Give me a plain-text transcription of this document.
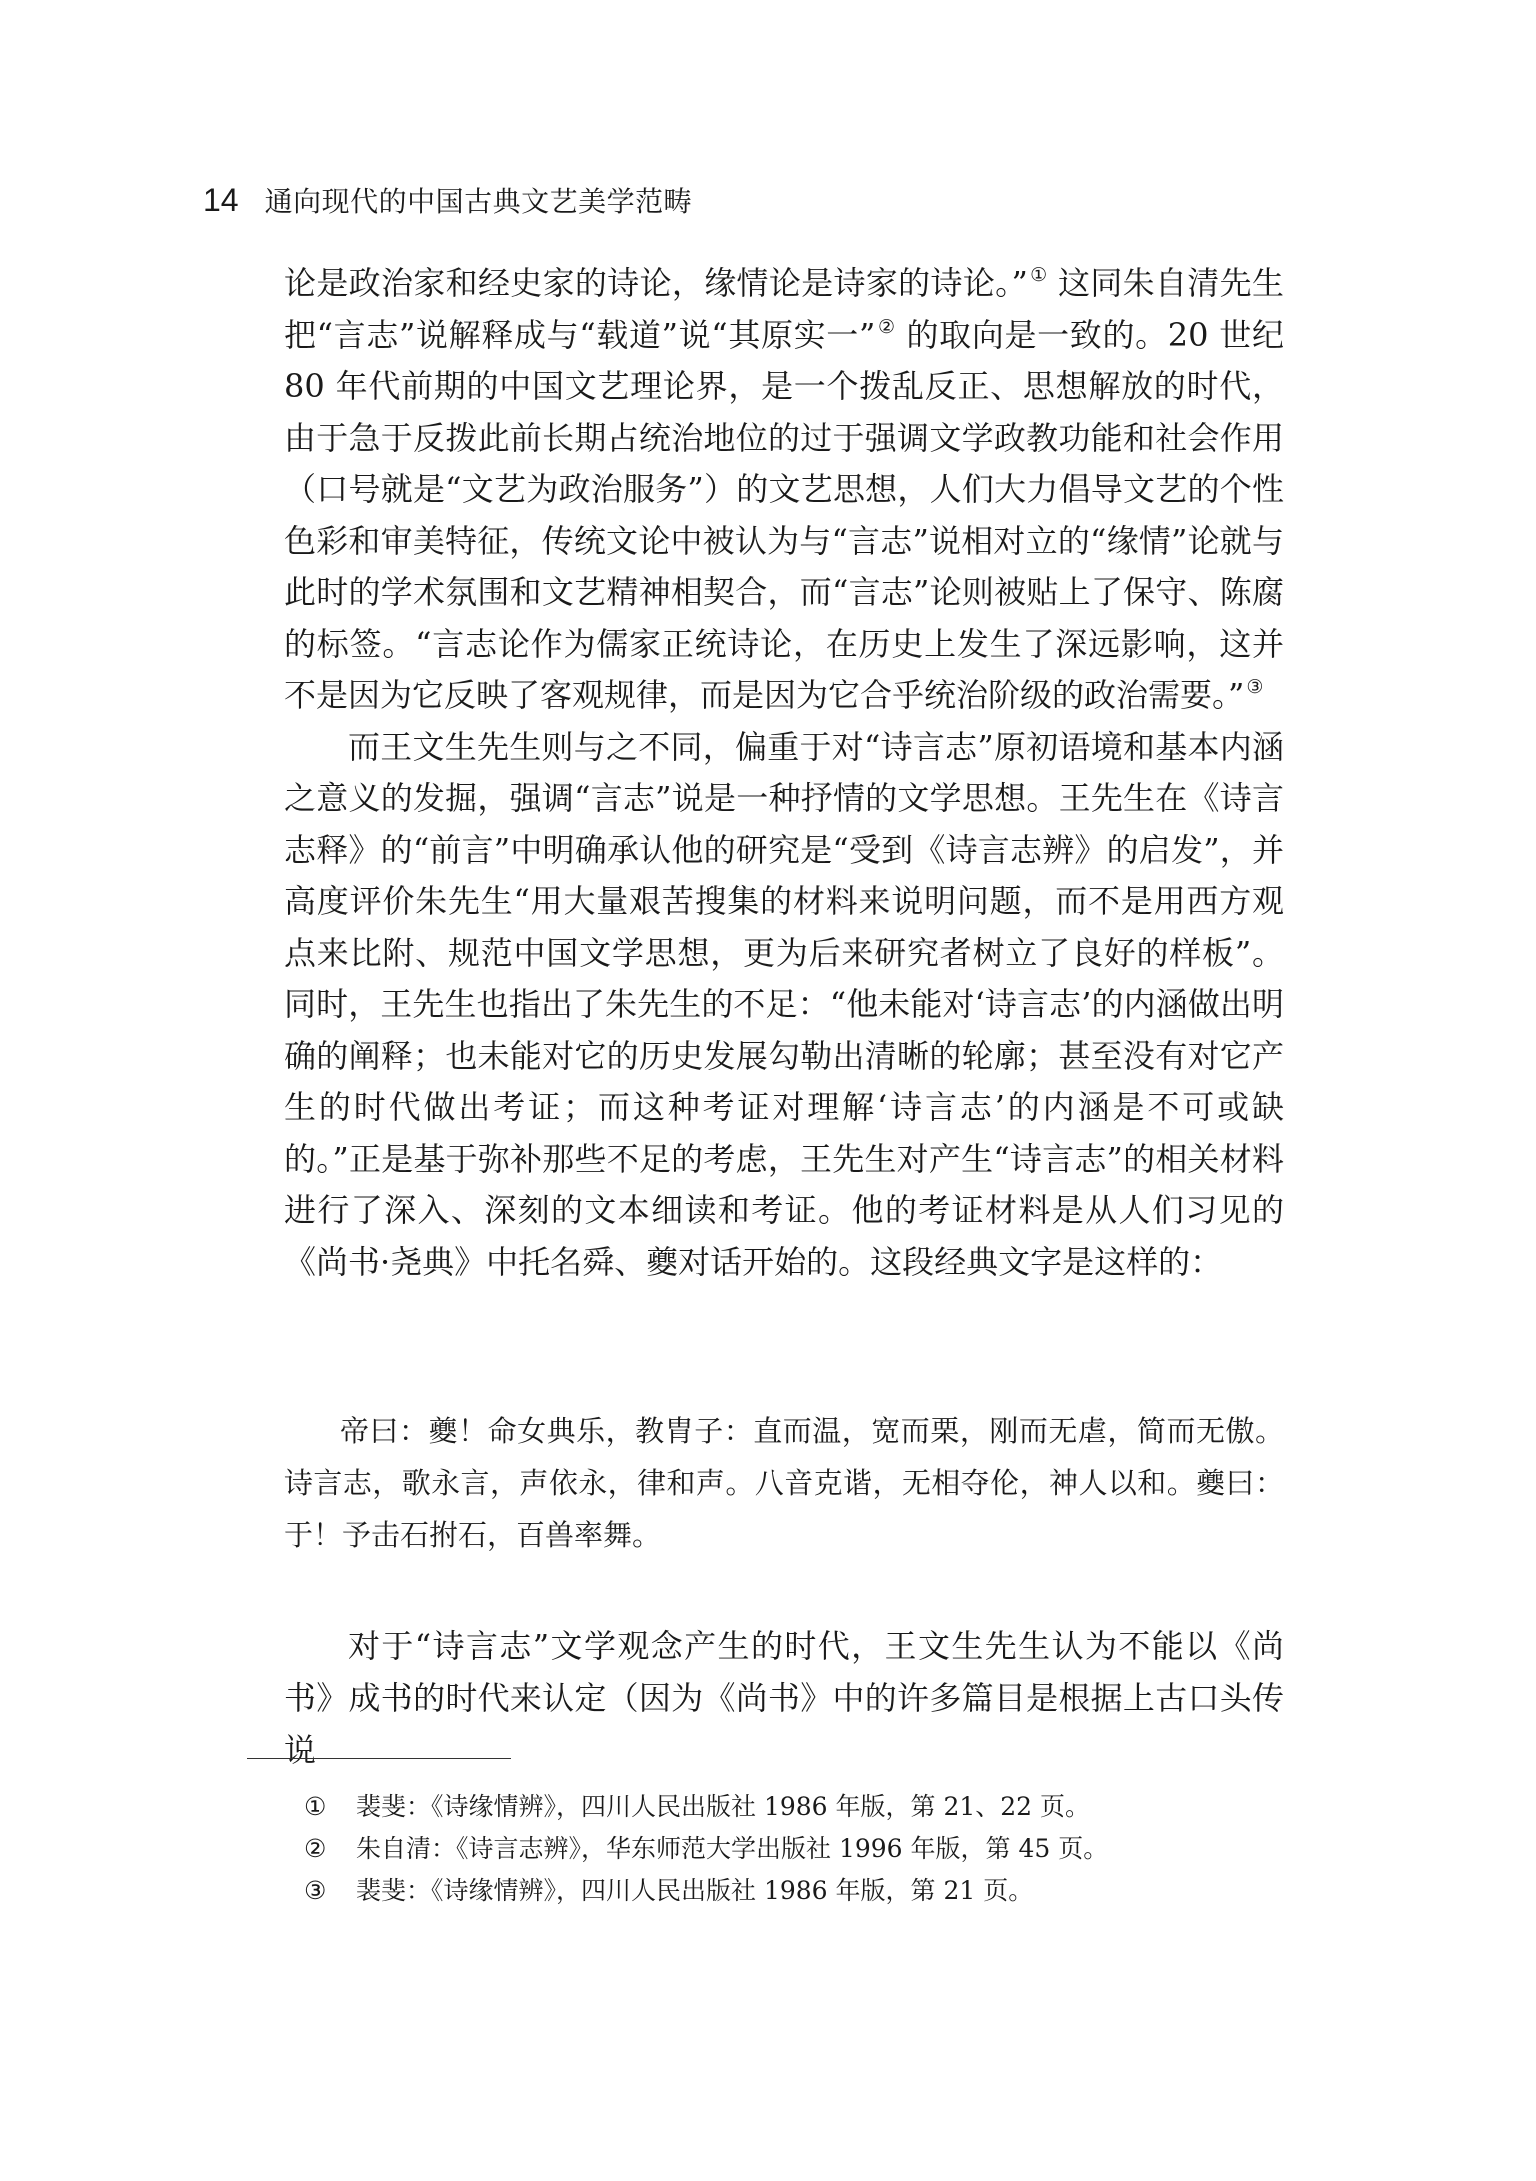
14 通向现代的中国古典文艺美学范畴

论是政治家和经史家的诗论，缘情论是诗家的诗论。” ① 这同朱自清先生把“言志”说解释成与“载道”说“其原实一” ② 的取向是一致的。20 世纪 80 年代前期的中国文艺理论界，是一个拨乱反正、思想解放的时代，由于急于反拨此前长期占统治地位的过于强调文学政教功能和社会作用（口号就是“文艺为政治服务”）的文艺思想，人们大力倡导文艺的个性色彩和审美特征，传统文论中被认为与“言志”说相对立的“缘情”论就与此时的学术氛围和文艺精神相契合，而“言志”论则被贴上了保守、陈腐的标签。“言志论作为儒家正统诗论，在历史上发生了深远影响，这并不是因为它反映了客观规律，而是因为它合乎统治阶级的政治需要。” ③

而王文生先生则与之不同，偏重于对“诗言志”原初语境和基本内涵之意义的发掘，强调“言志”说是一种抒情的文学思想。王先生在《诗言志释》的“前言”中明确承认他的研究是“受到《诗言志辨》的启发”，并高度评价朱先生“用大量艰苦搜集的材料来说明问题，而不是用西方观点来比附、规范中国文学思想，更为后来研究者树立了良好的样板”。同时，王先生也指出了朱先生的不足：“他未能对‘诗言志’的内涵做出明确的阐释；也未能对它的历史发展勾勒出清晰的轮廓；甚至没有对它产生的时代做出考证；而这种考证对理解‘诗言志’的内涵是不可或缺的。”正是基于弥补那些不足的考虑，王先生对产生“诗言志”的相关材料进行了深入、深刻的文本细读和考证。他的考证材料是从人们习见的《尚书·尧典》中托名舜、夔对话开始的。这段经典文字是这样的：

帝曰：夔！命女典乐，教胄子：直而温，宽而栗，刚而无虐，简而无傲。诗言志，歌永言，声依永，律和声。八音克谐，无相夺伦，神人以和。夔曰：于！予击石拊石，百兽率舞。

对于“诗言志”文学观念产生的时代，王文生先生认为不能以《尚书》成书的时代来认定（因为《尚书》中的许多篇目是根据上古口头传说

① 裴斐：《诗缘情辨》，四川人民出版社 1986 年版，第 21、22 页。
② 朱自清：《诗言志辨》，华东师范大学出版社 1996 年版，第 45 页。
③ 裴斐：《诗缘情辨》，四川人民出版社 1986 年版，第 21 页。
